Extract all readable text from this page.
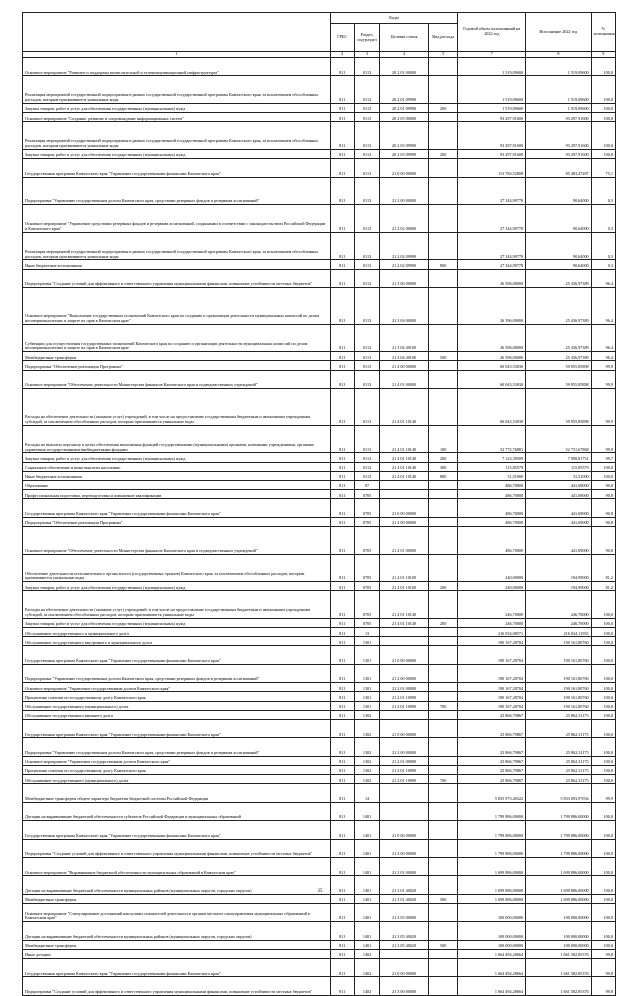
	Коды				Годовой объем ассигнований на 2022 год	Исполнение 2022 год	% исполнения
	ГРБС	Раздел, под-раздел	Целевая статья	Вид расхода			
1	2	3	4	5	7	8	9
Основное мероприятие "Развитие и поддержка вычислительной и телекоммуникационной инфраструктуры"	811	0113	20 2 01 00000		1 519,09600	1 519,09600	100,0
Реализация мероприятий государственной подпрограммы в рамках государственной государственной программы Камчатского края, за исключением обособленных расходов, которым присваиваются уникальные коды	811	0113	20 2 01 09990		1 519,09600	1 519,09600	100,0
Закупка товаров, работ и услуг для обеспечения государственных (муниципальных) нужд	811	0113	20 2 01 09990	200	1 519,09600	1 519,09600	100,0
Основное мероприятие "Создание, развитие и сопровождение информационных систем"	811	0113	20 2 05 00000		93 297,91600	93 297,91600	100,0
Реализация мероприятий государственной подпрограммы в рамках государственной государственной программы Камчатского края, за исключением обособленных расходов, которым присваиваются уникальные коды	811	0113	20 2 05 09990		93 297,91600	93 297,91600	100,0
Закупка товаров, работ и услуг для обеспечения государственных (муниципальных) нужд	811	0113	20 2 05 09990	200	93 297,91600	93 297,91600	100,0
Государственная программа Камчатского края "Управление государственными финансами Камчатского края"	811	0113	21 0 00 00000		113 784,52808	85 483,47287	75,1
Подпрограмма "Управление государственным долгом Камчатского края, средствами резервных фондов и резервами ассигнований"	811	0113	21 2 00 00000		27 344,99778	90,64000	0,3
Основное мероприятие "Управление средствами резервных фондов и резервами ассигнований, созданными в соответствии с законодательством Российской Федерации и Камчатского края"	811	0113	21 2 02 00000		27 344,99778	90,64000	0,3
Реализация мероприятий государственной подпрограммы в рамках государственной государственной программы Камчатского края, за исключением обособленных расходов, которым присваиваются уникальные коды	811	0113	21 2 02 09990		27 344,99778	90,64000	0,3
Иные бюджетные ассигнования	811	0113	21 2 02 09990	800	27 344,99778	90,64000	0,3
Подпрограмма "Создание условий для эффективного и ответственного управления муниципальными финансами, повышение устойчивости местных бюджетов"	811	0113	21 3 00 00000		26 396,00000	25 436,97389	96,4
Основное мероприятие "Выполнение государственных полномочий Камчатского края по созданию и организации деятельности муниципальных комиссий по делам несовершеннолетних и защите их прав в Камчатском крае"	811	0113	21 3 04 00000		26 396,00000	25 436,97389	96,4
Субвенции для осуществления государственных полномочий Камчатского края по созданию и организации деятельности муниципальных комиссий по делам несовершеннолетних и защите их прав в Камчатском крае	811	0113	21 3 04 40100		26 396,00000	25 436,97389	96,4
Межбюджетные трансферты	811	0113	21 3 04 40100	500	26 396,00000	25 436,97389	96,4
Подпрограмма "Обеспечение реализации Программы"	811	0113	21 4 00 00000		60 043,53030	59 955,85898	99,9
Основное мероприятие "Обеспечение деятельности Министерства финансов Камчатского края и подведомственных учреждений"	811	0113	21 4 01 00000		60 043,53030	59 955,85898	99,9
Расходы на обеспечение деятельности (оказание услуг) учреждений, в том числе на предоставление государственным бюджетным и автономным учреждениям субсидий, за исключением обособленных расходов, которым присваиваются уникальные коды	811	0113	21 4 01 10140		60 043,53030	59 955,85898	99,9
Расходы на выплаты персоналу в целях обеспечения выполнения функций государственными (муниципальными) органами, казенными учреждениями, органами управления государственными внебюджетными фондами	811	0113	21 4 01 10140	100	52 772,76881	52 731,67868	99,9
Закупка товаров, работ и услуг для обеспечения государственных (муниципальных) нужд	811	0113	21 4 01 10140	200	7 123,39509	7 098,81751	99,7
Социальное обеспечение и иные выплаты населению	811	0113	21 4 01 10140	300	115,85579	115,85579	100,0
Иные бюджетные ассигнования	811	0113	21 4 01 10140	800	31,51000	31,51000	100,0
Образование	811	07			486,70000	441,69000	90,8
Профессиональная подготовка, переподготовка и повышение квалификации	811	0705			486,70000	441,69000	90,8
Государственная программа Камчатского края "Управление государственными финансами Камчатского края"	811	0705	21 0 00 00000		486,70000	441,69000	90,8
Подпрограмма "Обеспечение реализации Программы"	811	0705	21 4 00 00000		486,70000	441,69000	90,8
Основное мероприятие "Обеспечение деятельности Министерства финансов Камчатского края и подведомственных учреждений"	811	0705	21 4 01 00000		486,70000	441,69000	90,8
Обеспечение деятельности исполнительного органа власти (государственных органов) Камчатского края, за исключением обособленных расходов, которым присваиваются уникальные коды	811	0705	21 4 01 10100		240,00000	194,99000	81,2
Закупка товаров, работ и услуг для обеспечения государственных (муниципальных) нужд	811	0705	21 4 01 10100	200	240,00000	194,99000	81,2
Расходы на обеспечение деятельности (оказание услуг) учреждений, в том числе на предоставление государственным бюджетным и автономным учреждениям субсидий, за исключением обособленных расходов, которым присваиваются уникальные коды	811	0705	21 4 01 10140		246,70000	246,70000	100,0
Закупка товаров, работ и услуг для обеспечения государственных (муниципальных) нужд	811	0705	21 4 01 10140	200	246,70000	246,70000	100,0
Обслуживание государственного и муниципального долга	811	13			216 034,08571	216 024,11935	100,0
Обслуживание государственного внутреннего и муниципального долга	811	1301			190 167,28704	190 161,80760	100,0
Государственная программа Камчатского края "Управление государственными финансами Камчатского края"	811	1301	21 0 00 00000		190 167,28704	190 161,80760	100,0
Подпрограмма "Управление государственным долгом Камчатского края, средствами резервных фондов и резервами ассигнований"	811	1301	21 2 00 00000		190 167,28704	190 161,80760	100,0
Основное мероприятие "Управление государственным долгом Камчатского края"	811	1301	21 2 01 00000		190 167,28704	190 161,80760	100,0
Процентные платежи по государственному долгу Камчатского края	811	1301	21 2 01 10090		190 167,28704	190 161,80760	100,0
Обслуживание государственного (муниципального) долга	811	1301	21 2 01 10090	700	190 167,28704	190 161,80760	100,0
Обслуживание государственного внешнего долга	811	1302			25 866,79867	25 862,31175	100,0
Государственная программа Камчатского края "Управление государственными финансами Камчатского края"	811	1302	21 0 00 00000		25 866,79867	25 862,31175	100,0
Подпрограмма "Управление государственным долгом Камчатского края, средствами резервных фондов и резервами ассигнований"	811	1302	21 2 00 00000		25 866,79867	25 862,31175	100,0
Основное мероприятие "Управление государственным долгом Камчатского края"	811	1302	21 2 01 00000		25 866,79867	25 862,31175	100,0
Процентные платежи по государственному долгу Камчатского края	811	1302	21 2 01 10090		25 866,79867	25 862,31175	100,0
Обслуживание государственного (муниципального) долга	811	1302	21 2 01 10090	700	25 866,79867	25 862,31175	100,0
Межбюджетные трансферты общего характера бюджетам бюджетной системы Российской Федерации	811	14			5 835 973,40322	5 833 093,97034	99,9
Дотации на выравнивание бюджетной обеспеченности субъектов Российской Федерации и муниципальных образований	811	1401			1 799 886,00000	1 799 886,00000	100,0
Государственная программа Камчатского края "Управление государственными финансами Камчатского края"	811	1401	21 0 00 00000		1 799 886,00000	1 799 886,00000	100,0
Подпрограмма "Создание условий для эффективного и ответственного управления муниципальными финансами, повышение устойчивости местных бюджетов"	811	1401	21 3 00 00000		1 799 886,00000	1 799 886,00000	100,0
Основное мероприятие "Выравнивание бюджетной обеспеченности муниципальных образований в Камчатском крае"	811	1401	21 3 01 00000		1 699 886,00000	1 699 886,00000	100,0
Дотации на выравнивание бюджетной обеспеченности муниципальных районов (муниципальных округов, городских округов)	811	1401	21 3 01 40020		1 699 886,00000	1 699 886,00000	100,0
Межбюджетные трансферты	811	1401	21 3 01 40020	500	1 699 886,00000	1 699 886,00000	100,0
Основное мероприятие "Стимулирование достижений наилучших показателей деятельности органов местного самоуправления муниципальных образований в Камчатском крае"	811	1401	21 3 05 00000		100 000,00000	100 000,00000	100,0
Дотации на выравнивание бюджетной обеспеченности муниципальных районов (муниципальных округов, городских округов)	811	1401	21 3 05 40020		100 000,00000	100 000,00000	100,0
Межбюджетные трансферты	811	1401	21 3 05 40020	500	100 000,00000	100 000,00000	100,0
Иные дотации	811	1402			1 664 494,28664	1 661 582,85376	99,8
Государственная программа Камчатского края "Управление государственными финансами Камчатского края"	811	1402	21 0 00 00000		1 664 494,28664	1 661 582,85376	99,8
Подпрограмма "Создание условий для эффективного и ответственного управления муниципальными финансами, повышение устойчивости местных бюджетов"	811	1402	21 3 00 00000		1 664 494,28664	1 661 582,85376	99,8
35
